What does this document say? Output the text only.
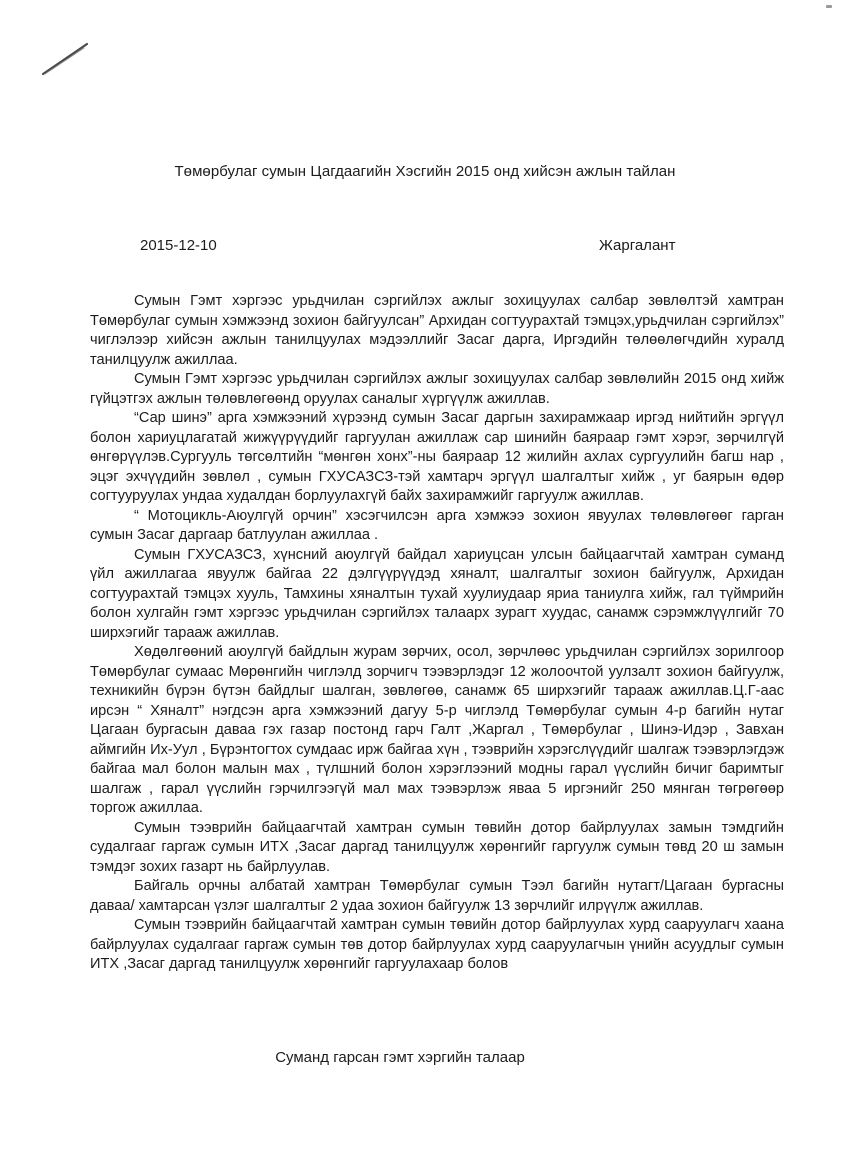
Төмөрбулаг сумын Цагдаагийн Хэсгийн 2015 онд хийсэн ажлын тайлан
2015-12-10	Жаргалант

Сумын Гэмт хэргээс урьдчилан сэргийлэх ажлыг зохицуулах салбар зөвлөлтэй хамтран Төмөрбулаг сумын хэмжээнд зохион байгуулсан” Архидан согтуурахтай тэмцэх,урьдчилан сэргийлэх” чиглэлээр хийсэн ажлын танилцуулах мэдээллийг Засаг дарга, Иргэдийн төлөөлөгчдийн хуралд танилцуулж ажиллаа.

Сумын Гэмт хэргээс урьдчилан сэргийлэх ажлыг зохицуулах салбар зөвлөлийн 2015 онд хийж гүйцэтгэх ажлын төлөвлөгөөнд оруулах саналыг хүргүүлж ажиллав.

“Сар шинэ” арга хэмжээний хүрээнд сумын Засаг даргын захирамжаар иргэд нийтийн эргүүл болон хариуцлагатай жижүүрүүдийг гаргуулан ажиллаж сар шинийн баяраар гэмт хэрэг, зөрчилгүй өнгөрүүлэв.Сургууль төгсөлтийн “мөнгөн хонх”-ны баяраар 12 жилийн ахлах сургуулийн багш нар , эцэг эхчүүдийн зөвлөл , сумын ГХУСАЗСЗ-тэй хамтарч эргүүл шалгалтыг хийж , уг баярын өдөр согтууруулах ундаа худалдан борлуулахгүй байх захирамжийг гаргуулж ажиллав.

“ Мотоцикль-Аюулгүй орчин” хэсэгчилсэн арга хэмжээ зохион явуулах төлөвлөгөөг гарган сумын Засаг даргаар батлуулан ажиллаа .

Сумын ГХУСАЗСЗ, хүнсний аюулгүй байдал хариуцсан улсын байцаагчтай хамтран суманд үйл ажиллагаа явуулж байгаа 22 дэлгүүрүүдэд хяналт, шалгалтыг зохион байгуулж, Архидан согтуурахтай тэмцэх хууль, Тамхины хяналтын тухай хуулиудаар яриа таниулга хийж, гал түймрийн болон хулгайн гэмт хэргээс урьдчилан сэргийлэх талаарх зурагт хуудас, санамж сэрэмжлүүлгийг 70 ширхэгийг тарааж ажиллав.

Хөдөлгөөний аюулгүй байдлын журам зөрчих, осол, зөрчлөөс урьдчилан сэргийлэх зорилгоор Төмөрбулаг сумаас Мөрөнгийн чиглэлд зорчигч тээвэрлэдэг 12 жолоочтой уулзалт зохион байгуулж, техникийн бүрэн бүтэн байдлыг шалган, зөвлөгөө, санамж 65 ширхэгийг тарааж ажиллав.Ц.Г-аас ирсэн “ Хяналт” нэгдсэн арга хэмжээний дагуу 5-р чиглэлд Төмөрбулаг сумын 4-р багийн нутаг Цагаан бургасын даваа гэх газар постонд гарч Галт ,Жаргал , Төмөрбулаг , Шинэ-Идэр , Завхан аймгийн Их-Уул , Бүрэнтогтох сумдаас ирж байгаа хүн , тээврийн хэрэгслүүдийг шалгаж тээвэрлэгдэж байгаа мал болон малын мах , түлшний болон хэрэглээний модны гарал үүслийн бичиг баримтыг шалгаж , гарал үүслийн гэрчилгээгүй мал мах тээвэрлэж яваа 5 иргэнийг 250 мянган төгрөгөөр торгож ажиллаа.

Сумын тээврийн байцаагчтай хамтран сумын төвийн дотор байрлуулах замын тэмдгийн судалгааг гаргаж сумын ИТХ ,Засаг даргад танилцуулж хөрөнгийг гаргуулж сумын төвд 20 ш замын тэмдэг зохих газарт нь байрлуулав.

Байгаль орчны албатай хамтран Төмөрбулаг сумын Тээл багийн нутагт/Цагаан бургасны даваа/ хамтарсан үзлэг шалгалтыг 2 удаа зохион байгуулж 13 зөрчлийг илрүүлж ажиллав.

Сумын тээврийн байцаагчтай хамтран сумын төвийн дотор байрлуулах хурд сааруулагч хаана байрлуулах судалгааг гаргаж сумын төв дотор байрлуулах хурд сааруулагчын үнийн асуудлыг сумын ИТХ ,Засаг даргад танилцуулж хөрөнгийг гаргуулахаар болов

Суманд гарсан гэмт хэргийн талаар
